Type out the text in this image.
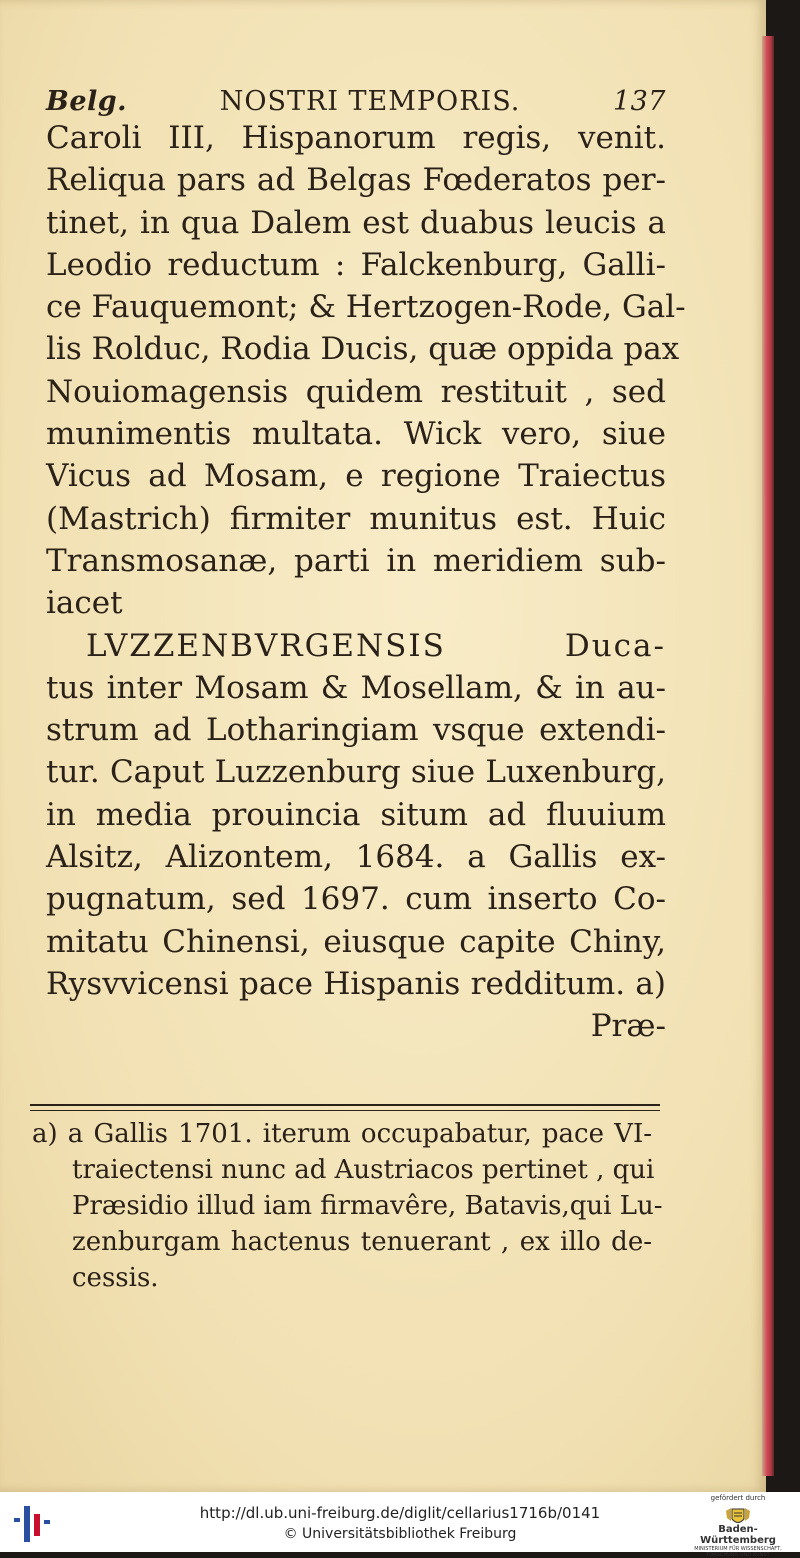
Belg.	NOSTRI TEMPORIS.	137
Caroli III, Hispanorum regis, venit.
Reliqua pars ad Belgas Fœderatos per-
tinet, in qua Dalem est duabus leucis a
Leodio reductum : Falckenburg, Galli-
ce Fauquemont; & Hertzogen-Rode, Gal-
lis Rolduc, Rodia Ducis, quæ oppida pax
Nouiomagensis quidem restituit , sed
munimentis multata. Wick vero, siue
Vicus ad Mosam, e regione Traiectus
(Mastrich) firmiter munitus est. Huic
Transmosanæ, parti in meridiem sub-
iacet
LVZZENBVRGENSIS Duca-
tus inter Mosam & Mosellam, & in au-
strum ad Lotharingiam vsque extendi-
tur. Caput Luzzenburg siue Luxenburg,
in media prouincia situm ad fluuium
Alsitz, Alizontem, 1684. a Gallis ex-
pugnatum, sed 1697. cum inserto Co-
mitatu Chinensi, eiusque capite Chiny,
Rysvvicensi pace Hispanis redditum. a)
Præ-
a) a Gallis 1701. iterum occupabatur, pace VI-
traiectensi nunc ad Austriacos pertinet , qui
Præsidio illud iam firmavêre, Batavis,qui Lu-
zenburgam hactenus tenuerant , ex illo de-
cessis.
http://dl.ub.uni-freiburg.de/diglit/cellarius1716b/0141
© Universitätsbibliothek Freiburg
gefördert durch
Baden-Württemberg
MINISTERIUM FÜR WISSENSCHAFT, FORSCHUNG UND KUNST
